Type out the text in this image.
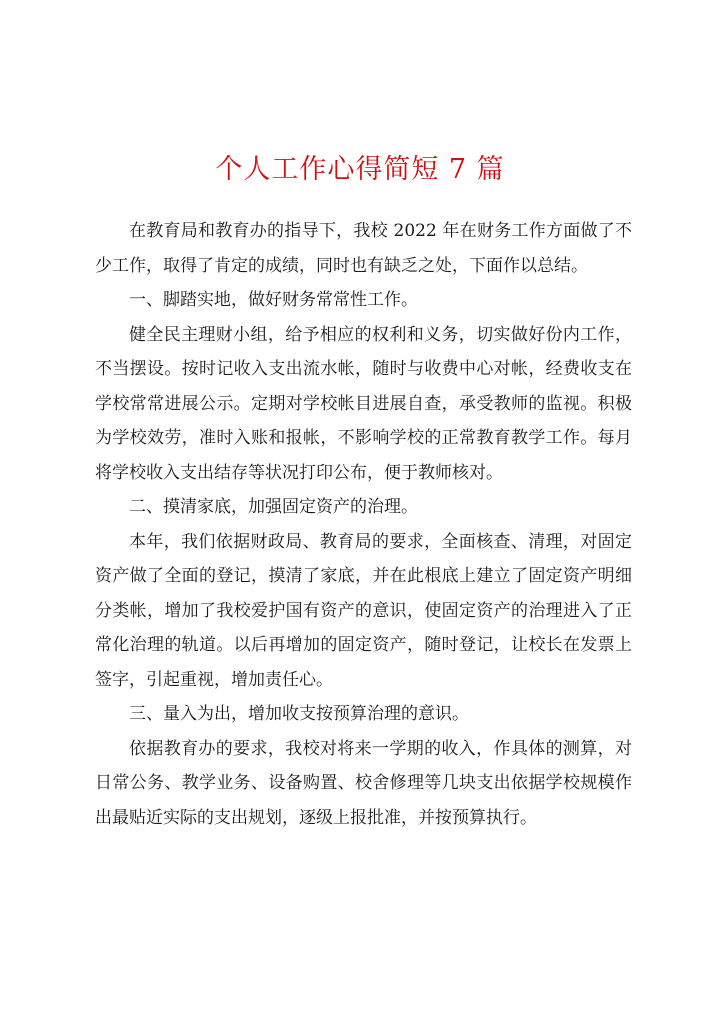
个人工作心得简短 7 篇

在教育局和教育办的指导下，我校 2022 年在财务工作方面做了不少工作，取得了肯定的成绩，同时也有缺乏之处，下面作以总结。

一、脚踏实地，做好财务常常性工作。

健全民主理财小组，给予相应的权利和义务，切实做好份内工作，不当摆设。按时记收入支出流水帐，随时与收费中心对帐，经费收支在学校常常进展公示。定期对学校帐目进展自查，承受教师的监视。积极为学校效劳，准时入账和报帐，不影响学校的正常教育教学工作。每月将学校收入支出结存等状况打印公布，便于教师核对。

二、摸清家底，加强固定资产的治理。

本年，我们依据财政局、教育局的要求，全面核查、清理，对固定资产做了全面的登记，摸清了家底，并在此根底上建立了固定资产明细分类帐，增加了我校爱护国有资产的意识，使固定资产的治理进入了正常化治理的轨道。以后再增加的固定资产，随时登记，让校长在发票上签字，引起重视，增加责任心。

三、量入为出，增加收支按预算治理的意识。

依据教育办的要求，我校对将来一学期的收入，作具体的测算，对日常公务、教学业务、设备购置、校舍修理等几块支出依据学校规模作出最贴近实际的支出规划，逐级上报批准，并按预算执行。
